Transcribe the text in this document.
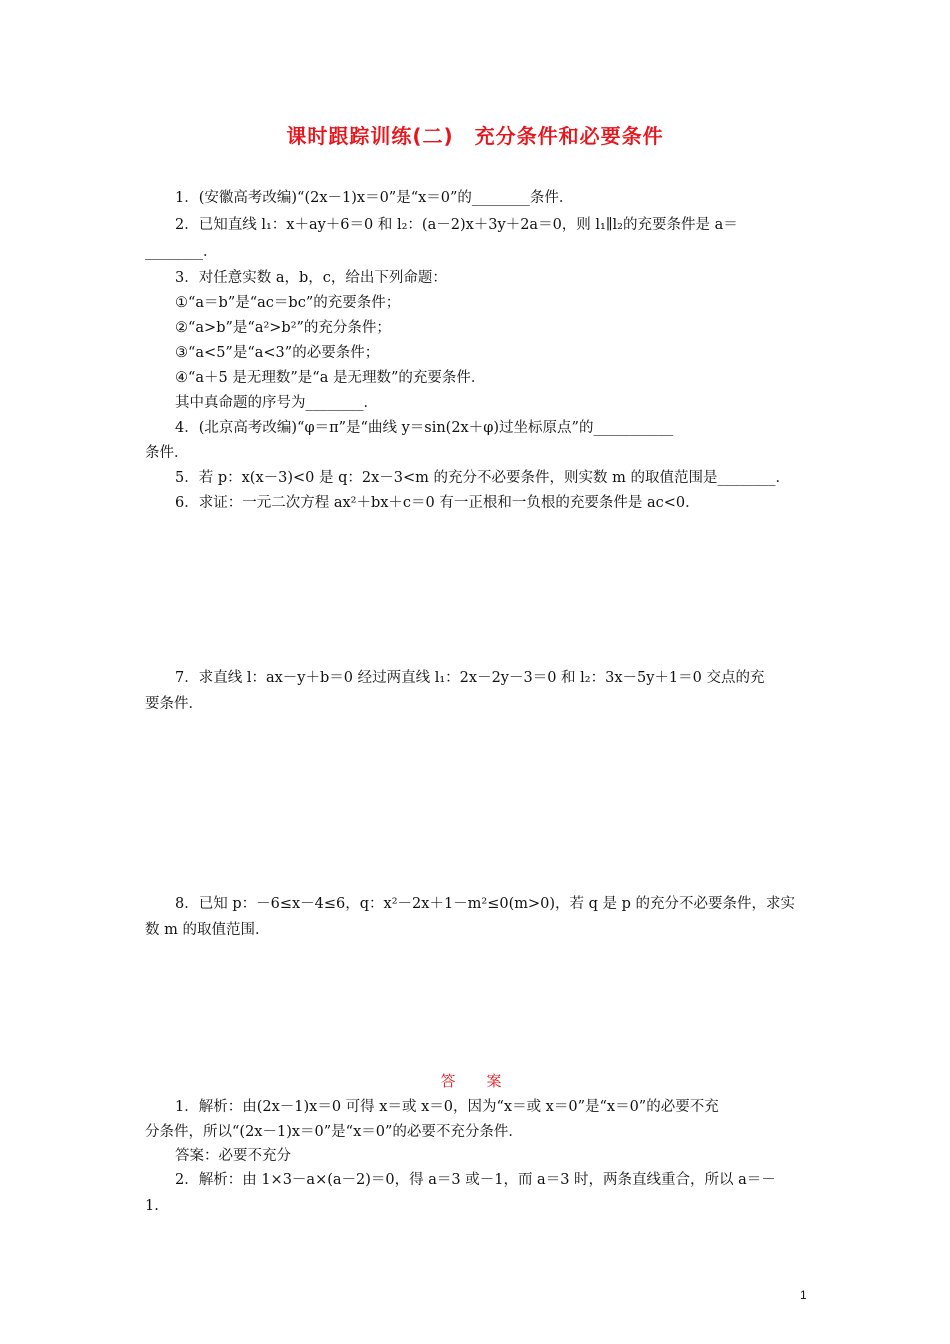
课时跟踪训练(二)　充分条件和必要条件
1．(安徽高考改编)“(2x－1)x＝0”是“x＝0”的________条件．
2．已知直线 l₁：x＋ay＋6＝0 和 l₂：(a－2)x＋3y＋2a＝0，则 l₁∥l₂的充要条件是 a＝
________．
3．对任意实数 a，b，c，给出下列命题：
①“a＝b”是“ac＝bc”的充要条件；
②“a>b”是“a²>b²”的充分条件；
③“a<5”是“a<3”的必要条件；
④“a＋5 是无理数”是“a 是无理数”的充要条件．
其中真命题的序号为________．
4．(北京高考改编)“φ＝π”是“曲线 y＝sin(2x＋φ)过坐标原点”的___________
条件．
5．若 p：x(x－3)<0 是 q：2x－3<m 的充分不必要条件，则实数 m 的取值范围是________．
6．求证：一元二次方程 ax²＋bx＋c＝0 有一正根和一负根的充要条件是 ac<0．
7．求直线 l：ax－y＋b＝0 经过两直线 l₁：2x－2y－3＝0 和 l₂：3x－5y＋1＝0 交点的充
要条件．
8．已知 p：－6≤x－4≤6，q：x²－2x＋1－m²≤0(m>0)，若 q 是 p 的充分不必要条件，求实
数 m 的取值范围．
答　案
1．解析：由(2x－1)x＝0 可得 x＝或 x＝0，因为“x＝或 x＝0”是“x＝0”的必要不充
分条件，所以“(2x－1)x＝0”是“x＝0”的必要不充分条件．
答案：必要不充分
2．解析：由 1×3－a×(a－2)＝0，得 a＝3 或－1，而 a＝3 时，两条直线重合，所以 a＝－
1.
1
